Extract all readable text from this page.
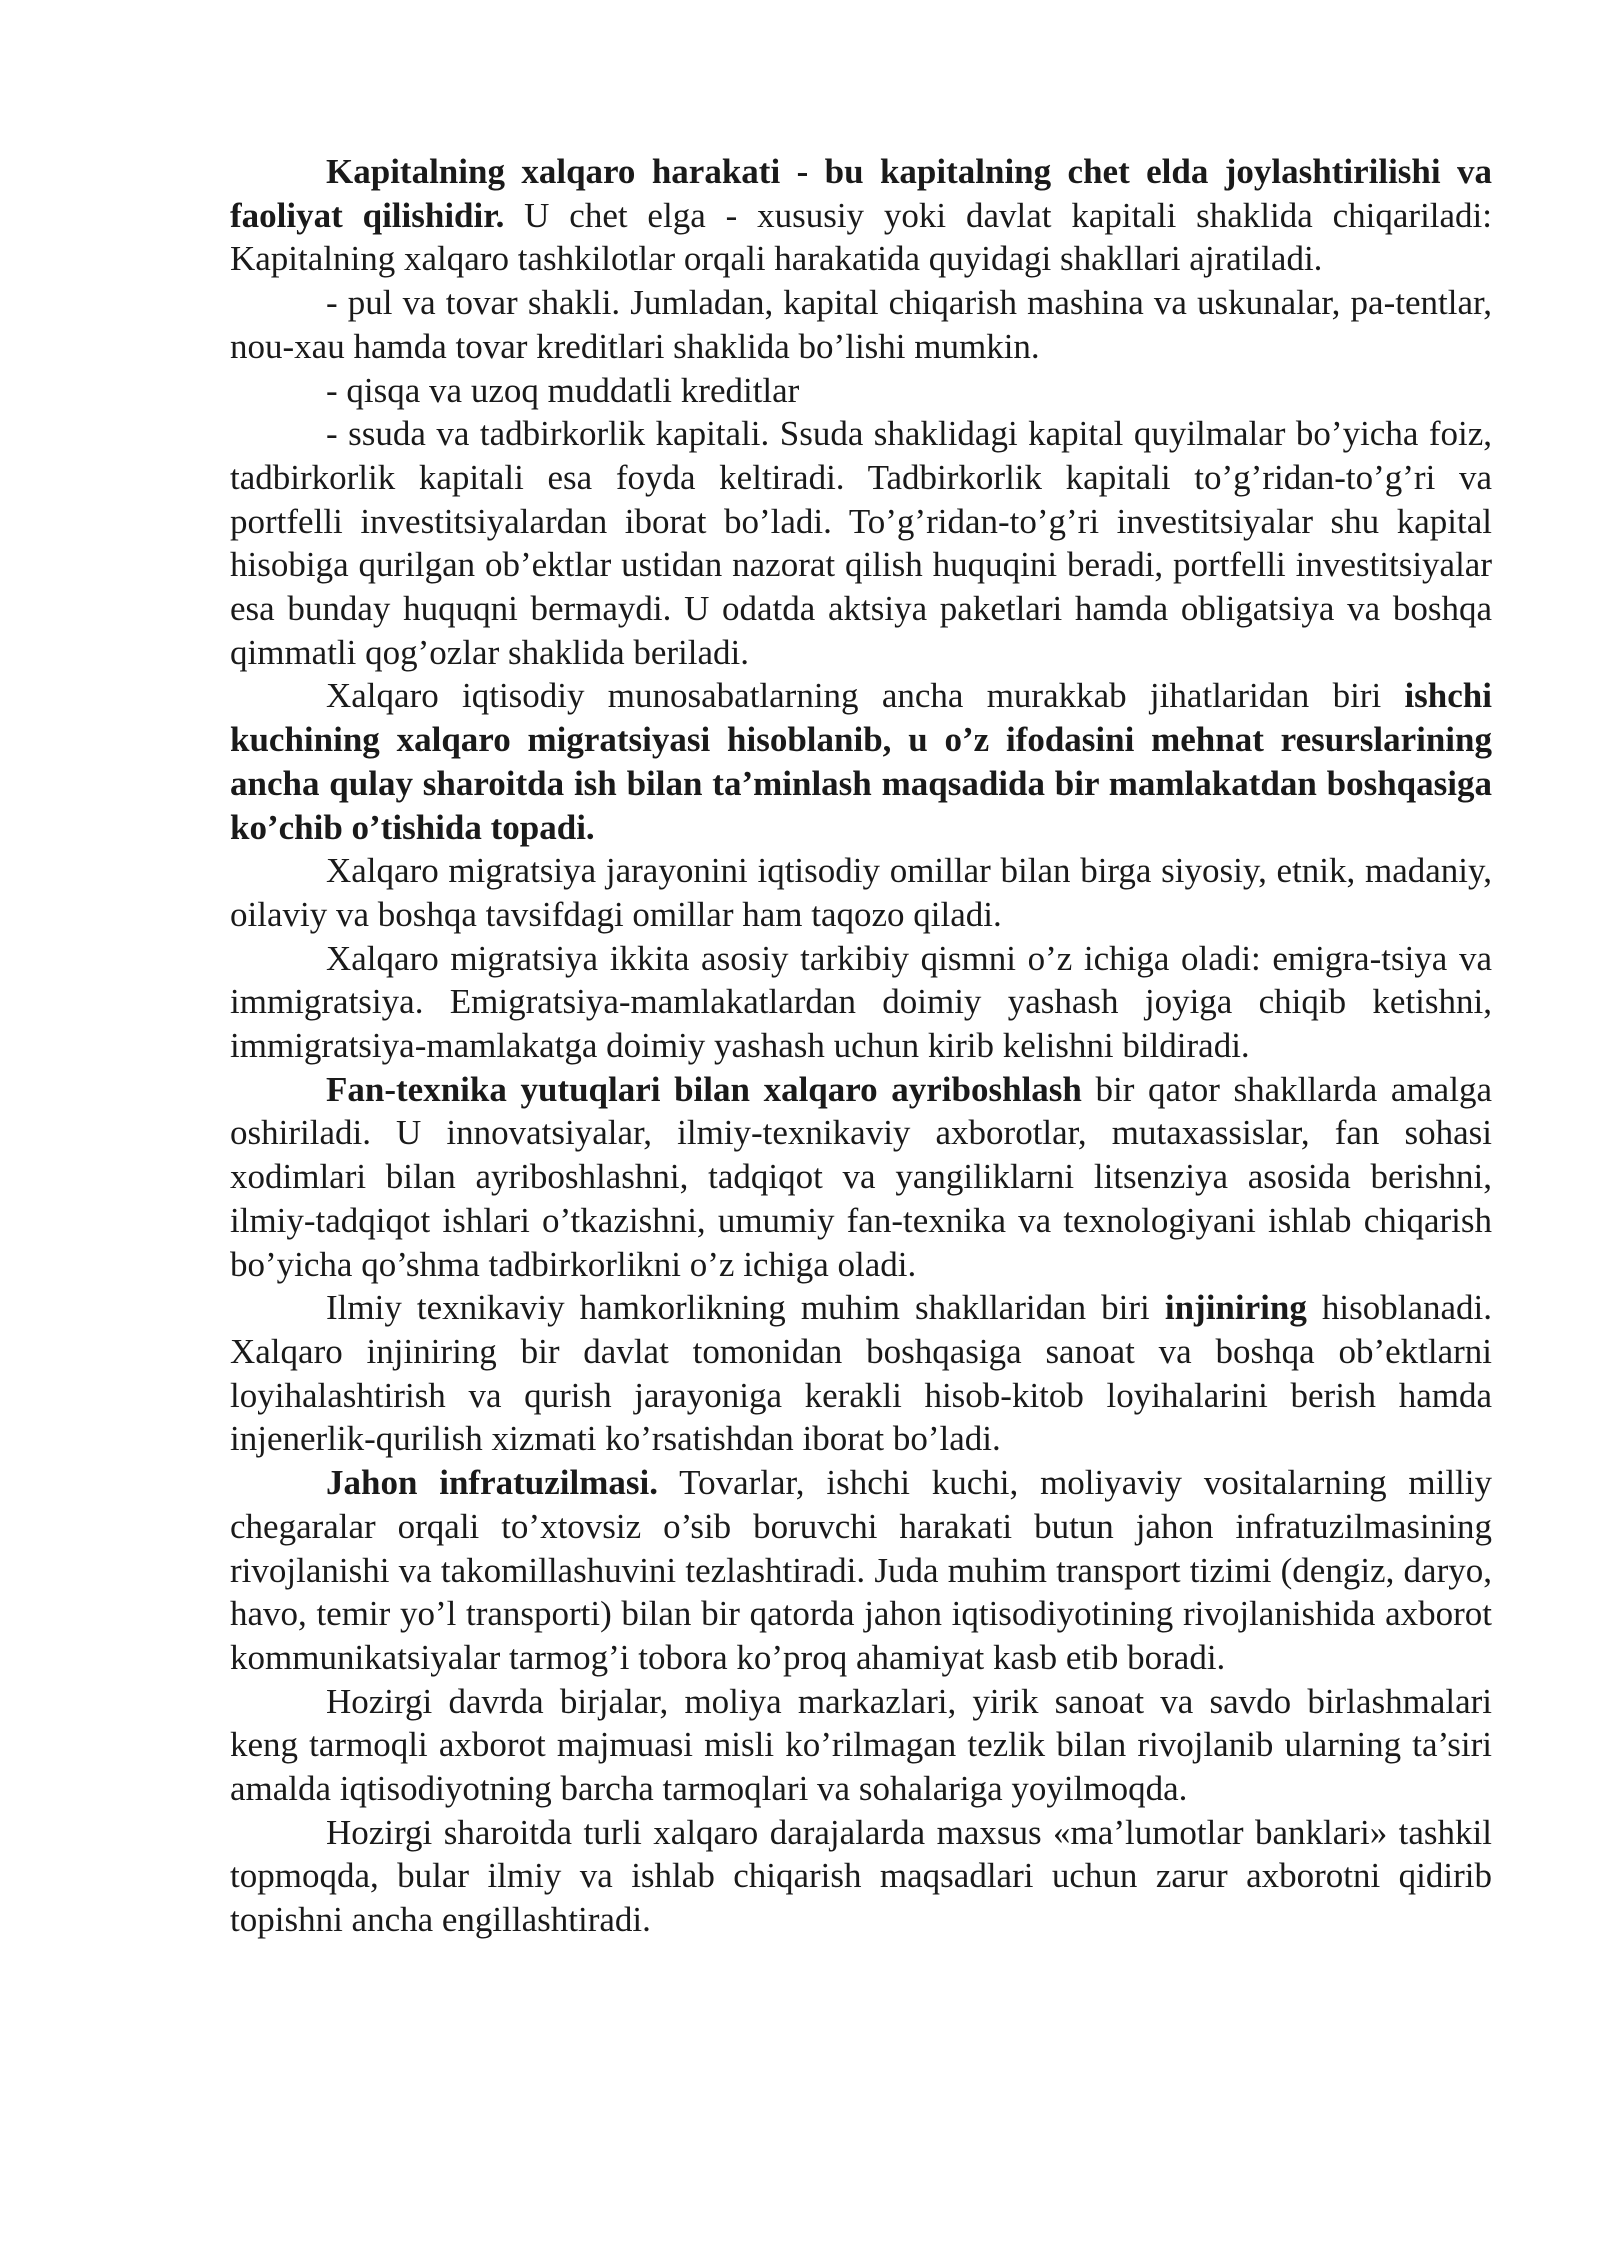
Kapitalning xalqaro harakati - bu kapitalning chet elda joylashtirilishi va faoliyat qilishidir. U chet elga - xususiy yoki davlat kapitali shaklida chiqariladi: Kapitalning xalqaro tashkilotlar orqali harakatida quyidagi shakllari ajratiladi.

- pul va tovar shakli. Jumladan, kapital chiqarish mashina va uskunalar, pa-tentlar, nou-xau hamda tovar kreditlari shaklida bo’lishi mumkin.

- qisqa va uzoq muddatli kreditlar

- ssuda va tadbirkorlik kapitali. Ssuda shaklidagi kapital quyilmalar bo’yicha foiz, tadbirkorlik kapitali esa foyda keltiradi. Tadbirkorlik kapitali to’g’ridan-to’g’ri va portfelli investitsiyalardan iborat bo’ladi. To’g’ridan-to’g’ri investitsiyalar shu kapital hisobiga qurilgan ob’ektlar ustidan nazorat qilish huquqini beradi, portfelli investitsiyalar esa bunday huquqni bermaydi. U odatda aktsiya paketlari hamda obligatsiya va boshqa qimmatli qog’ozlar shaklida beriladi.

Xalqaro iqtisodiy munosabatlarning ancha murakkab jihatlaridan biri ishchi kuchining xalqaro migratsiyasi hisoblanib, u o’z ifodasini mehnat resurslarining ancha qulay sharoitda ish bilan ta’minlash maqsadida bir mamlakatdan boshqasiga ko’chib o’tishida topadi.

Xalqaro migratsiya jarayonini iqtisodiy omillar bilan birga siyosiy, etnik, madaniy, oilaviy va boshqa tavsifdagi omillar ham taqozo qiladi.

Xalqaro migratsiya ikkita asosiy tarkibiy qismni o’z ichiga oladi: emigra-tsiya va immigratsiya. Emigratsiya-mamlakatlardan doimiy yashash joyiga chiqib ketishni, immigratsiya-mamlakatga doimiy yashash uchun kirib kelishni bildiradi.

Fan-texnika yutuqlari bilan xalqaro ayriboshlash bir qator shakllarda amalga oshiriladi. U innovatsiyalar, ilmiy-texnikaviy axborotlar, mutaxassislar, fan sohasi xodimlari bilan ayriboshlashni, tadqiqot va yangiliklarni litsenziya asosida berishni, ilmiy-tadqiqot ishlari o’tkazishni, umumiy fan-texnika va texnologiyani ishlab chiqarish bo’yicha qo’shma tadbirkorlikni o’z ichiga oladi.

Ilmiy texnikaviy hamkorlikning muhim shakllaridan biri injiniring hisoblanadi. Xalqaro injiniring bir davlat tomonidan boshqasiga sanoat va boshqa ob’ektlarni loyihalashtirish va qurish jarayoniga kerakli hisob-kitob loyihalarini berish hamda injenerlik-qurilish xizmati ko’rsatishdan iborat bo’ladi.

Jahon infratuzilmasi. Tovarlar, ishchi kuchi, moliyaviy vositalarning milliy chegaralar orqali to’xtovsiz o’sib boruvchi harakati butun jahon infratuzilmasining rivojlanishi va takomillashuvini tezlashtiradi. Juda muhim transport tizimi (dengiz, daryo, havo, temir yo’l transporti) bilan bir qatorda jahon iqtisodiyotining rivojlanishida axborot kommunikatsiyalar tarmog’i tobora ko’proq ahamiyat kasb etib boradi.

Hozirgi davrda birjalar, moliya markazlari, yirik sanoat va savdo birlashmalari keng tarmoqli axborot majmuasi misli ko’rilmagan tezlik bilan rivojlanib ularning ta’siri amalda iqtisodiyotning barcha tarmoqlari va sohalariga yoyilmoqda.

Hozirgi sharoitda turli xalqaro darajalarda maxsus «ma’lumotlar banklari» tashkil topmoqda, bular ilmiy va ishlab chiqarish maqsadlari uchun zarur axborotni qidirib topishni ancha engillashtiradi.
